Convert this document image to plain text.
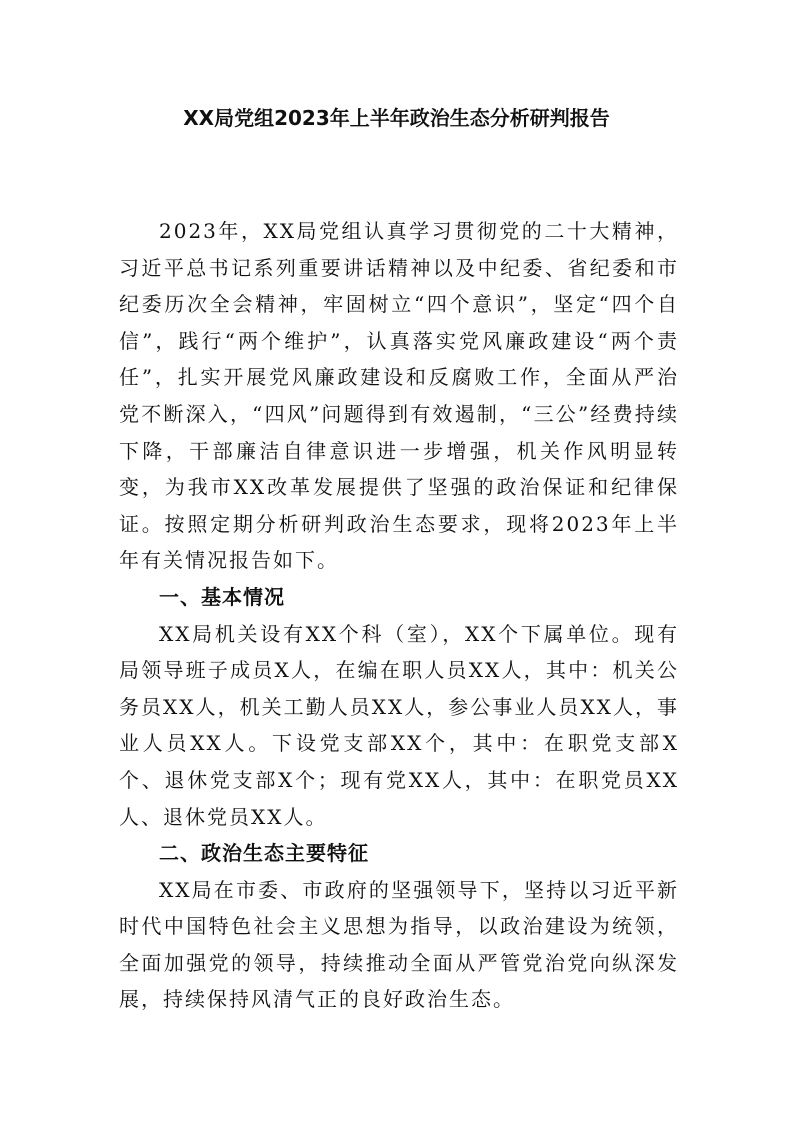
XX局党组2023年上半年政治生态分析研判报告

2023年，XX局党组认真学习贯彻党的二十大精神，习近平总书记系列重要讲话精神以及中纪委、省纪委和市纪委历次全会精神，牢固树立“四个意识”，坚定“四个自信”，践行“两个维护”，认真落实党风廉政建设“两个责任”，扎实开展党风廉政建设和反腐败工作，全面从严治党不断深入，“四风”问题得到有效遏制，“三公”经费持续下降，干部廉洁自律意识进一步增强，机关作风明显转变，为我市XX改革发展提供了坚强的政治保证和纪律保证。按照定期分析研判政治生态要求，现将2023年上半年有关情况报告如下。

一、基本情况

XX局机关设有XX个科（室），XX个下属单位。现有局领导班子成员X人，在编在职人员XX人，其中：机关公务员XX人，机关工勤人员XX人，参公事业人员XX人，事业人员XX人。下设党支部XX个，其中：在职党支部X个、退休党支部X个；现有党XX人，其中：在职党员XX人、退休党员XX人。

二、政治生态主要特征

XX局在市委、市政府的坚强领导下，坚持以习近平新时代中国特色社会主义思想为指导，以政治建设为统领，全面加强党的领导，持续推动全面从严管党治党向纵深发展，持续保持风清气正的良好政治生态。
